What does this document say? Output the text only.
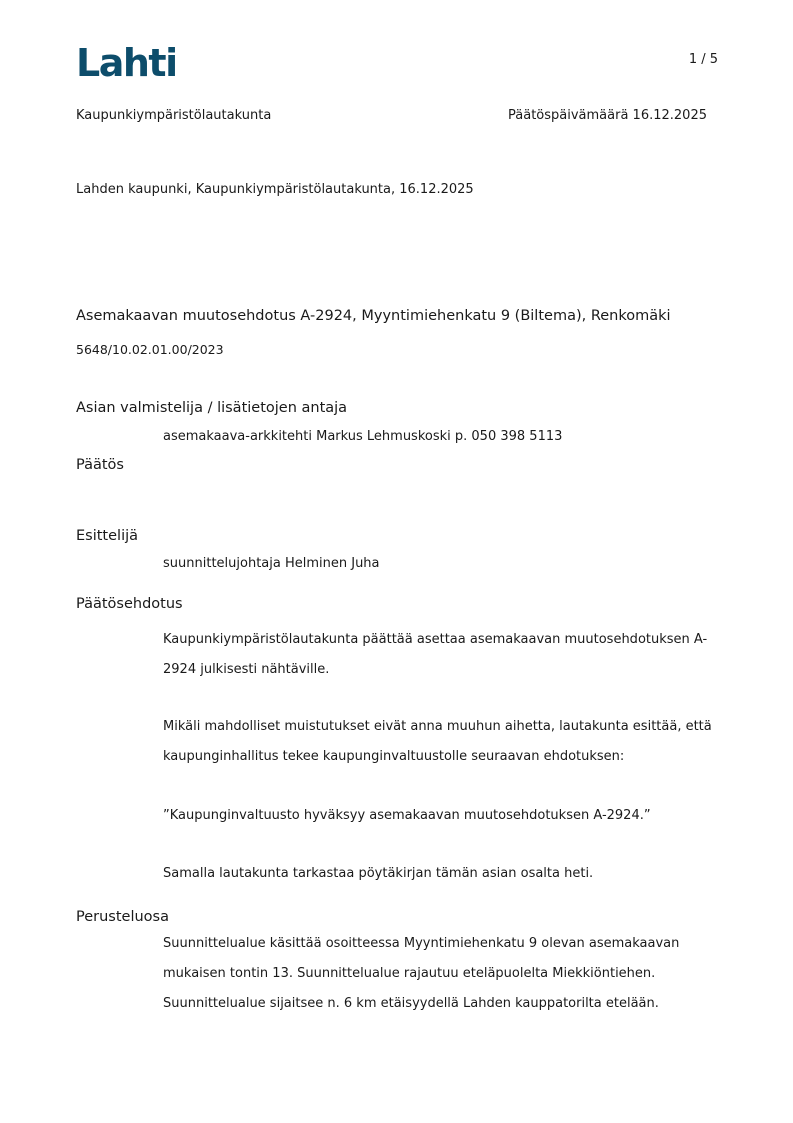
Lahti	1 / 5
Kaupunkiympäristölautakunta	Päätöspäivämäärä 16.12.2025
Lahden kaupunki, Kaupunkiympäristölautakunta, 16.12.2025
Asemakaavan muutosehdotus A-2924, Myyntimiehenkatu 9 (Biltema), Renkomäki
5648/10.02.01.00/2023
Asian valmistelija / lisätietojen antaja
asemakaava-arkkitehti Markus Lehmuskoski p. 050 398 5113
Päätös
Esittelijä
suunnittelujohtaja Helminen Juha
Päätösehdotus
Kaupunkiympäristölautakunta päättää asettaa asemakaavan muutosehdotuksen A-2924 julkisesti nähtäville.
Mikäli mahdolliset muistutukset eivät anna muuhun aihetta, lautakunta esittää, että kaupunginhallitus tekee kaupunginvaltuustolle seuraavan ehdotuksen:
”Kaupunginvaltuusto hyväksyy asemakaavan muutosehdotuksen A-2924.”
Samalla lautakunta tarkastaa pöytäkirjan tämän asian osalta heti.
Perusteluosa
Suunnittelualue käsittää osoitteessa Myyntimiehenkatu 9 olevan asemakaavan mukaisen tontin 13. Suunnittelualue rajautuu eteläpuolelta Miekkiöntiehen. Suunnittelualue sijaitsee n. 6 km etäisyydellä Lahden kauppatorilta etelään.
